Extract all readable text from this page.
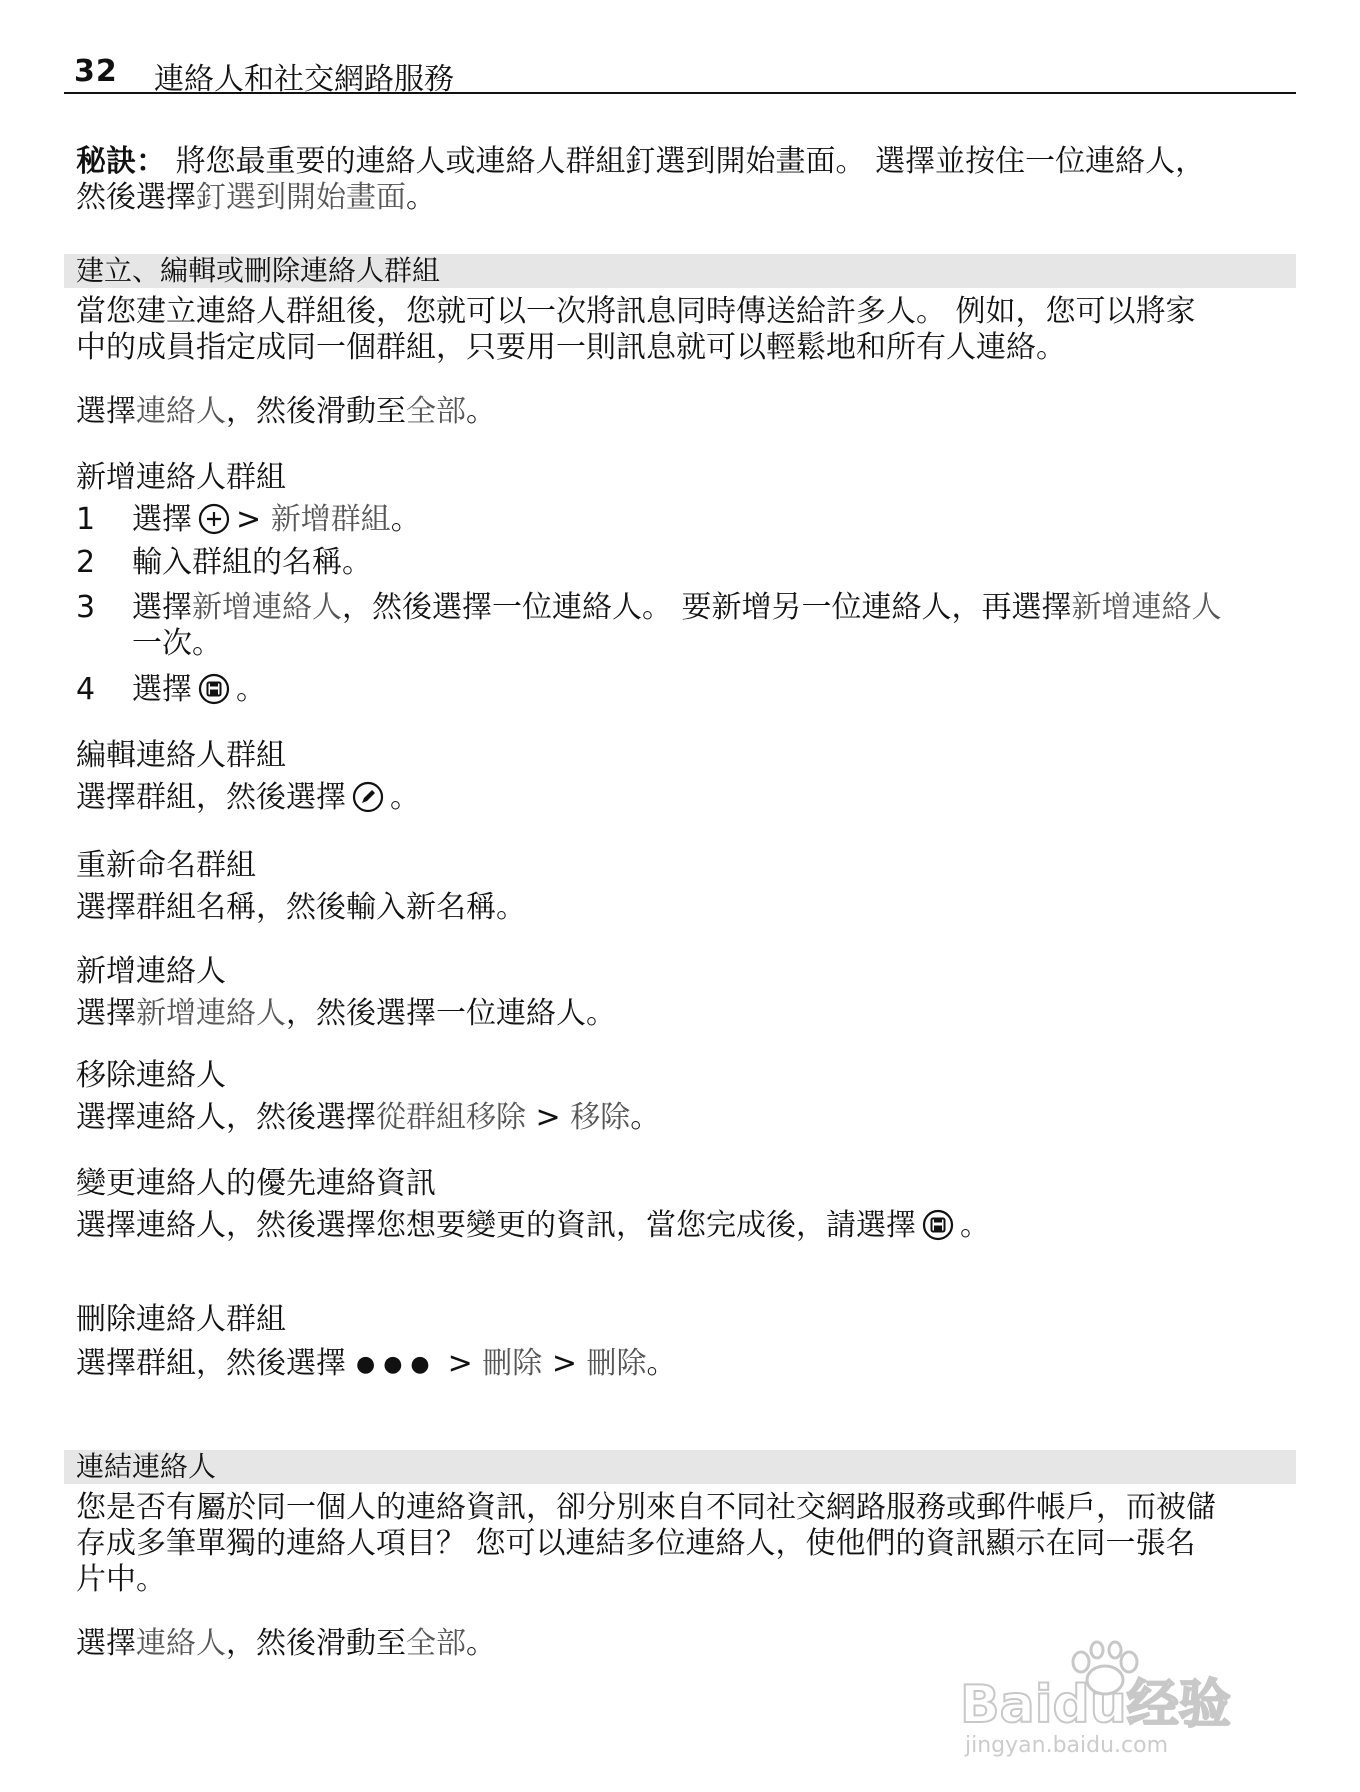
32 連絡人和社交網路服務
秘訣： 將您最重要的連絡人或連絡人群組釘選到開始畫面。 選擇並按住一位連絡人，
然後選擇釘選到開始畫面。
建立、編輯或刪除連絡人群組
當您建立連絡人群組後，您就可以一次將訊息同時傳送給許多人。 例如，您可以將家
中的成員指定成同一個群組，只要用一則訊息就可以輕鬆地和所有人連絡。
選擇連絡人，然後滑動至全部。
新增連絡人群組
1 選擇 > 新增群組。
2 輸入群組的名稱。
3 選擇新增連絡人，然後選擇一位連絡人。 要新增另一位連絡人，再選擇新增連絡人
一次。
4 選擇 。
編輯連絡人群組
選擇群組，然後選擇 。
重新命名群組
選擇群組名稱，然後輸入新名稱。
新增連絡人
選擇新增連絡人，然後選擇一位連絡人。
移除連絡人
選擇連絡人，然後選擇從群組移除 > 移除。
變更連絡人的優先連絡資訊
選擇連絡人，然後選擇您想要變更的資訊，當您完成後，請選擇 。
刪除連絡人群組
選擇群組，然後選擇 ●●● > 刪除 > 刪除。
連結連絡人
您是否有屬於同一個人的連絡資訊，卻分別來自不同社交網路服務或郵件帳戶，而被儲
存成多筆單獨的連絡人項目？ 您可以連結多位連絡人，使他們的資訊顯示在同一張名
片中。
選擇連絡人，然後滑動至全部。
Baidu经验
jingyan.baidu.com
